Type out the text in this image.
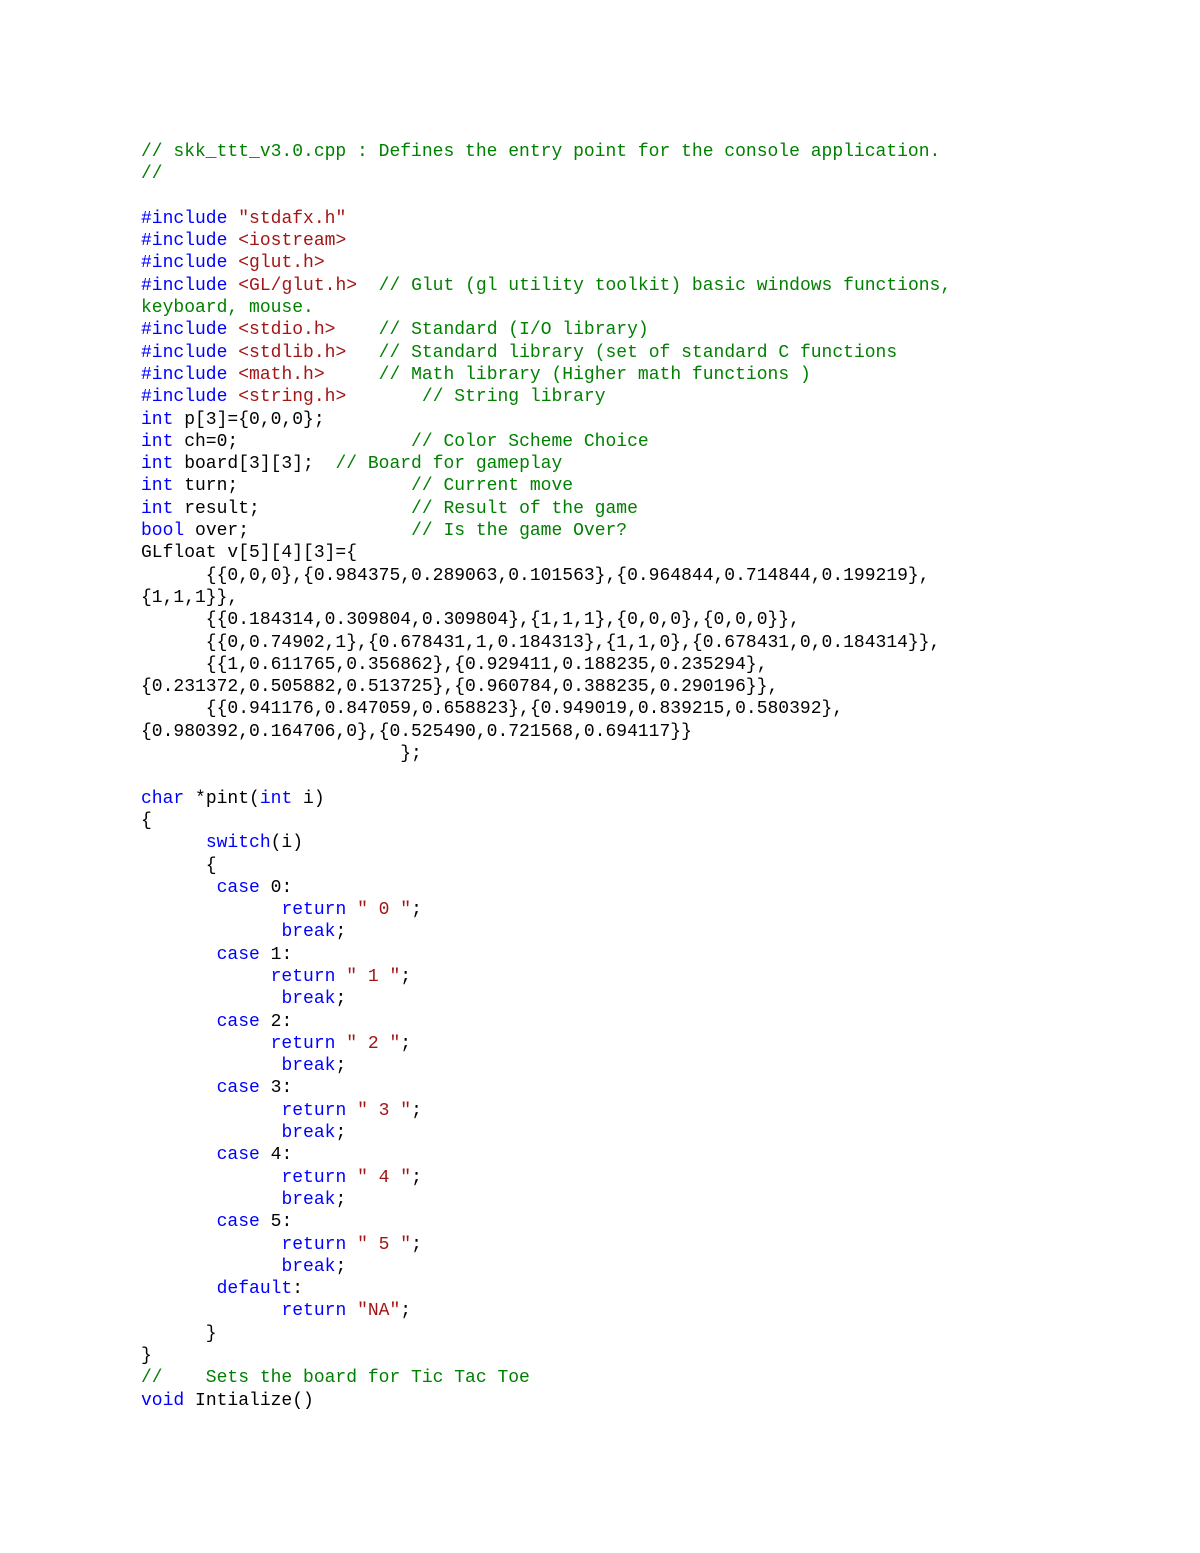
// skk_ttt_v3.0.cpp : Defines the entry point for the console application.
//
#include "stdafx.h"
#include <iostream>
#include <glut.h>
#include <GL/glut.h> // Glut (gl utility toolkit) basic windows functions,
keyboard, mouse.
#include <stdio.h> // Standard (I/O library)
#include <stdlib.h> // Standard library (set of standard C functions
#include <math.h>	// Math library (Higher math functions )
#include <string.h>	// String library
int p[3]={0,0,0};
int ch=0;                // Color Scheme Choice
int board[3][3];  // Board for gameplay
int turn;                // Current move
int result;              // Result of the game
bool over;               // Is the game Over?
GLfloat v[5][4][3]={
{{0,0,0},{0.984375,0.289063,0.101563},{0.964844,0.714844,0.199219},
{1,1,1}},
{{0.184314,0.309804,0.309804},{1,1,1},{0,0,0},{0,0,0}},
{{0,0.74902,1},{0.678431,1,0.184313},{1,1,0},{0.678431,0,0.184314}},
{{1,0.611765,0.356862},{0.929411,0.188235,0.235294},
{0.231372,0.505882,0.513725},{0.960784,0.388235,0.290196}},
{{0.941176,0.847059,0.658823},{0.949019,0.839215,0.580392},
{0.980392,0.164706,0},{0.525490,0.721568,0.694117}}
};
char *pint(int i)
{
switch(i)
{
case 0:
return " 0 ";
break;
case 1:
return " 1 ";
break;
case 2:
return " 2 ";
break;
case 3:
return " 3 ";
break;
case 4:
return " 4 ";
break;
case 5:
return " 5 ";
break;
default:
return "NA";
}
}
//    Sets the board for Tic Tac Toe
void Intialize()
